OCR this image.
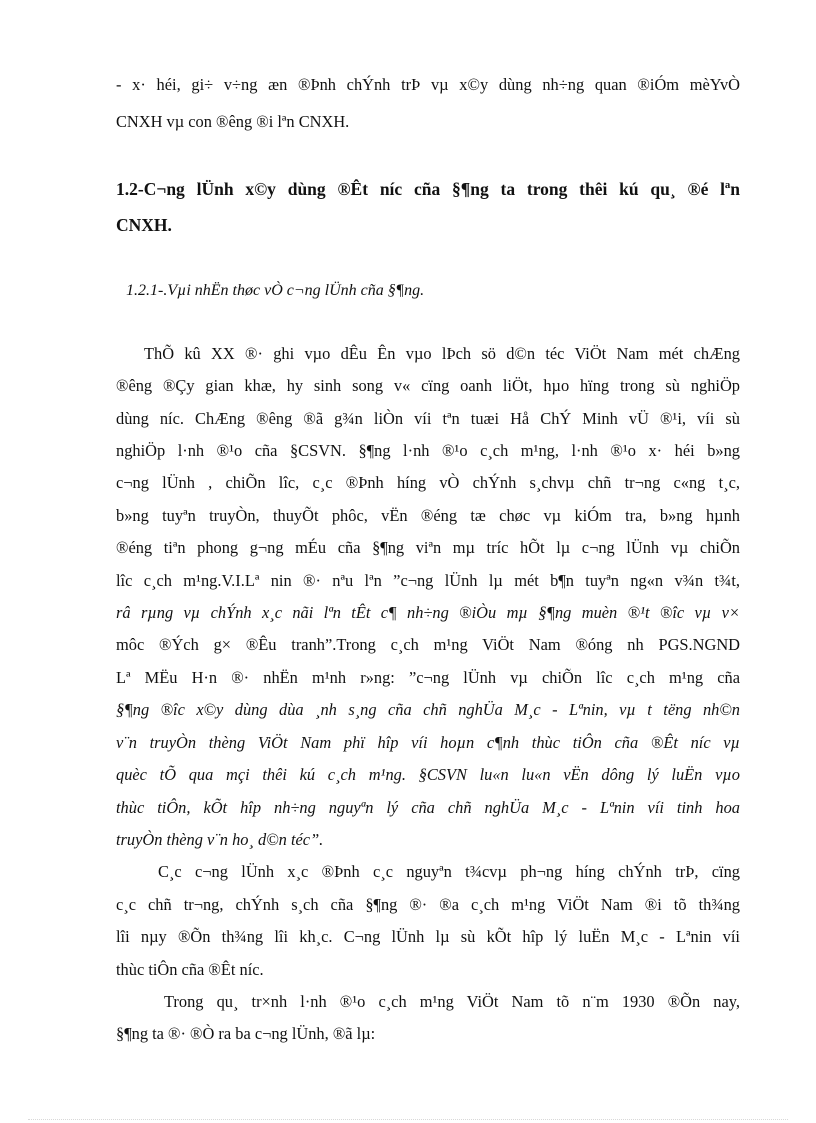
- x· héi, gi÷ v÷ng æn ®Þnh chÝnh trÞ vµ x©y dùng nh÷ng quan ®iÓm mèYvÒ
CNXH vµ con ®êng ®i lªn CNXH.
1.2-C¬ng lÜnh x©y dùng ®Êt níc cña §¶ng ta trong thêi kú qu¸ ®é lªn
CNXH.
1.2.1-.Vµi nhËn thøc vÒ c¬ng lÜnh cña §¶ng.
ThÕ kû XX ®· ghi vµo dÊu Ên vµo lÞch sö d©n téc ViÖt Nam mét chÆng
®êng ®Çy gian khæ, hy sinh song v« cïng oanh liÖt, hµo hïng trong sù nghiÖp
dùng níc. ChÆng ®êng ®ã g¾n liÒn víi tªn tuæi Hå ChÝ Minh vÜ ®¹i, víi sù
nghiÖp l·nh ®¹o cña §CSVN. §¶ng l·nh ®¹o c¸ch m¹ng, l·nh ®¹o x· héi b»ng
c¬ng lÜnh , chiÕn lîc, c¸c ®Þnh híng vÒ chÝnh s¸chvµ chñ tr¬ng c«ng t¸c,
b»ng tuyªn truyÒn, thuyÕt phôc, vËn ®éng tæ chøc vµ kiÓm tra, b»ng hµnh
®éng tiªn phong g¬ng mÉu cña §¶ng viªn mµ tríc hÕt lµ c¬ng lÜnh vµ chiÕn
lîc c¸ch m¹ng.V.I.Lª nin ®· nªu lªn ”c¬ng lÜnh lµ mét b¶n tuyªn ng«n v¾n t¾t,
râ rµng vµ chÝnh x¸c nãi lªn tÊt c¶ nh÷ng ®iÒu mµ §¶ng muèn ®¹t ®îc vµ v×
môc ®Ých g× ®Êu tranh”.Trong c¸ch m¹ng ViÖt Nam ®óng nh PGS.NGND
Lª MËu H·n ®· nhËn m¹nh r»ng: ”c¬ng lÜnh vµ chiÕn lîc c¸ch m¹ng cña
§¶ng ®îc x©y dùng dùa ¸nh s¸ng cña chñ nghÜa M¸c - Lªnin, vµ t tëng nh©n
v¨n truyÒn thèng ViÖt Nam phï hîp víi hoµn c¶nh thùc tiÔn cña ®Êt níc vµ
quèc tÕ qua mçi thêi kú c¸ch m¹ng. §CSVN lu«n lu«n vËn dông lý luËn vµo
thùc tiÔn, kÕt hîp nh÷ng nguyªn lý cña chñ nghÜa M¸c - Lªnin víi tinh hoa
truyÒn thèng v¨n ho¸ d©n téc”.
C¸c c¬ng lÜnh x¸c ®Þnh c¸c nguyªn t¾cvµ ph¬ng híng chÝnh trÞ, cïng
c¸c chñ tr¬ng, chÝnh s¸ch cña §¶ng ®· ®a c¸ch m¹ng ViÖt Nam ®i tõ th¾ng
lîi nµy ®Õn th¾ng lîi kh¸c. C¬ng lÜnh lµ sù kÕt hîp lý luËn M¸c - Lªnin víi
thùc tiÔn cña ®Êt níc.
Trong qu¸ tr×nh l·nh ®¹o c¸ch m¹ng ViÖt Nam tõ n¨m 1930 ®Õn nay,
§¶ng ta ®· ®Ò ra ba c¬ng lÜnh, ®ã lµ:
